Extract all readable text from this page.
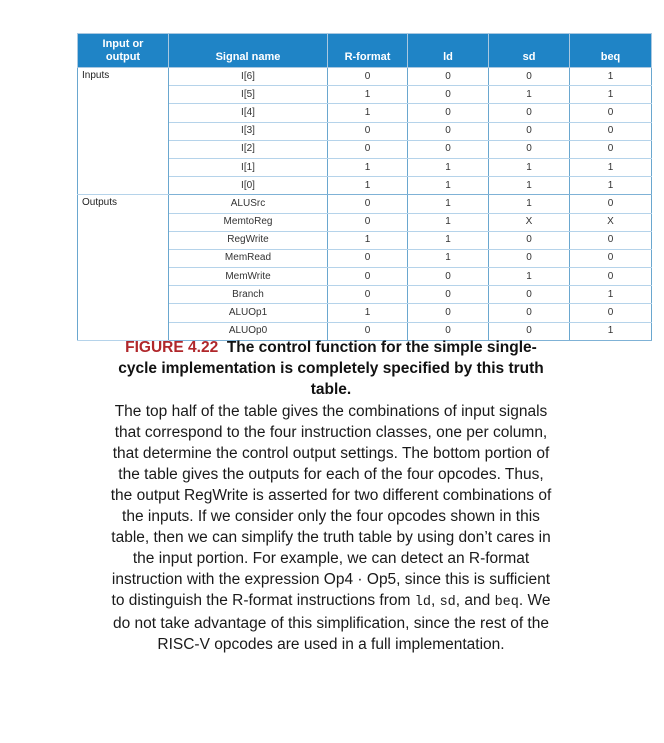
Input or
output	Signal name	R-format	ld	sd	beq
Inputs	I[6]	0	0	0	1
	I[5]	1	0	1	1
	I[4]	1	0	0	0
	I[3]	0	0	0	0
	I[2]	0	0	0	0
	I[1]	1	1	1	1
	I[0]	1	1	1	1
Outputs	ALUSrc	0	1	1	0
	MemtoReg	0	1	X	X
	RegWrite	1	1	0	0
	MemRead	0	1	0	0
	MemWrite	0	0	1	0
	Branch	0	0	0	1
	ALUOp1	1	0	0	0
	ALUOp0	0	0	0	1
FIGURE 4.22 The control function for the simple single-cycle implementation is completely specified by this truth table.
The top half of the table gives the combinations of input signals that correspond to the four instruction classes, one per column, that determine the control output settings. The bottom portion of the table gives the outputs for each of the four opcodes. Thus, the output RegWrite is asserted for two different combinations of the inputs. If we consider only the four opcodes shown in this table, then we can simplify the truth table by using don’t cares in the input portion. For example, we can detect an R-format instruction with the expression Op4 · Op5, since this is sufficient to distinguish the R-format instructions from ld, sd, and beq. We do not take advantage of this simplification, since the rest of the RISC-V opcodes are used in a full implementation.
